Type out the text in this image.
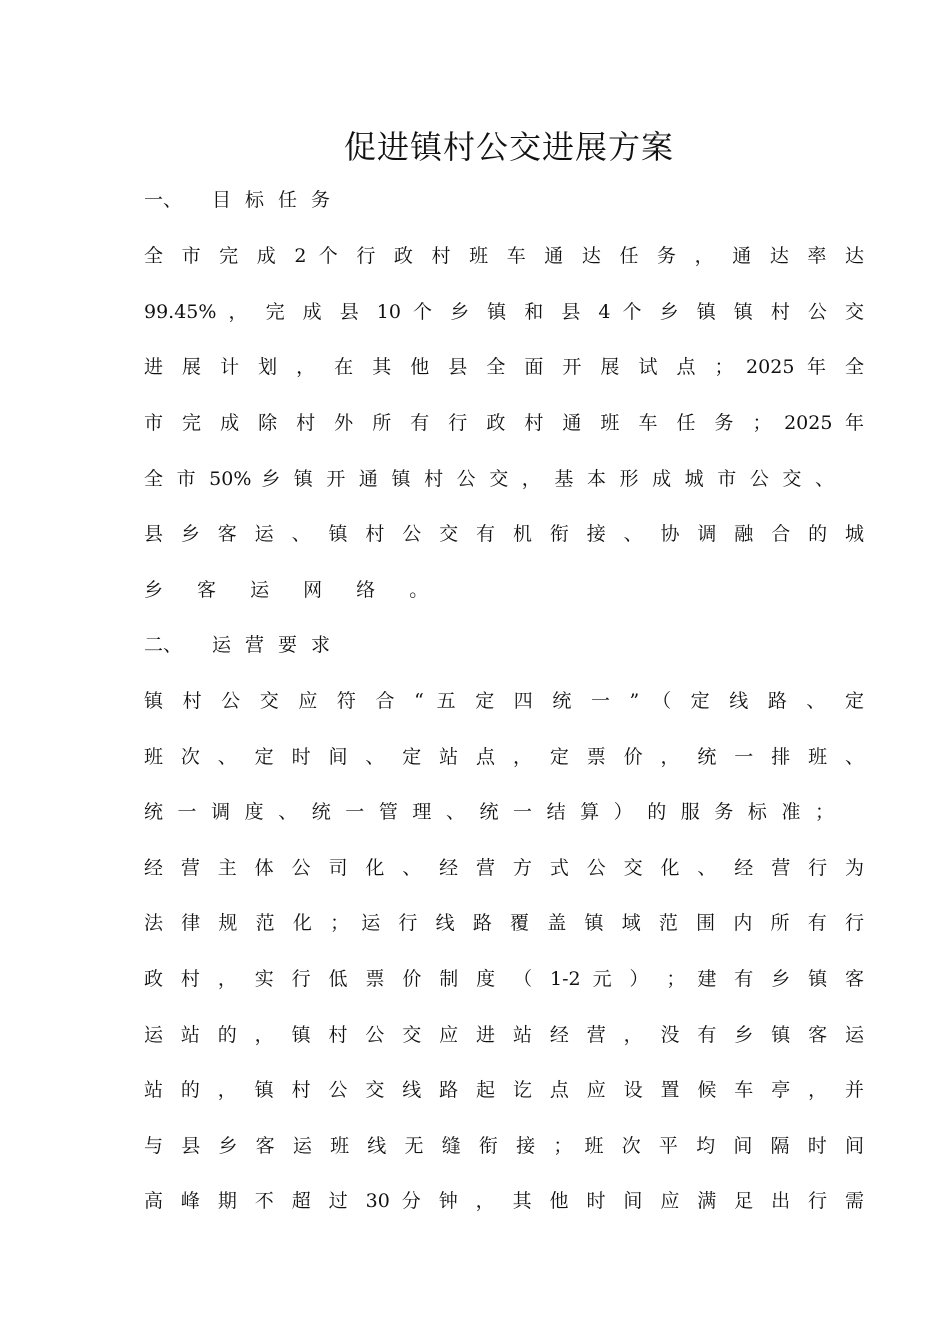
促进镇村公交进展方案
一、 目标任务

全 市 完 成 2 个 行 政 村 班 车 通 达 任 务 ， 通 达 率 达

99.45% ， 完 成 县 10 个 乡 镇 和 县 4 个 乡 镇 镇 村 公 交

进 展 计 划 ， 在 其 他 县 全 面 开 展 试 点 ； 2025 年 全

市 完 成 除 村 外 所 有 行 政 村 通 班 车 任 务 ； 2025 年

全 市 50% 乡 镇 开 通 镇 村 公 交 ， 基 本 形 成 城 市 公 交 、

县 乡 客 运 、 镇 村 公 交 有 机 衔 接 、 协 调 融 合 的 城

乡 客 运 网 络 。

二、 运营要求

镇 村 公 交 应 符 合 “ 五 定 四 统 一 ” （ 定 线 路 、 定

班 次 、 定 时 间 、 定 站 点 ， 定 票 价 ， 统 一 排 班 、

统 一 调 度 、 统 一 管 理 、 统 一 结 算 ） 的 服 务 标 准 ；

经 营 主 体 公 司 化 、 经 营 方 式 公 交 化 、 经 营 行 为

法 律 规 范 化 ； 运 行 线 路 覆 盖 镇 域 范 围 内 所 有 行

政 村 ， 实 行 低 票 价 制 度 （ 1-2 元 ） ； 建 有 乡 镇 客

运 站 的 ， 镇 村 公 交 应 进 站 经 营 ， 没 有 乡 镇 客 运

站 的 ， 镇 村 公 交 线 路 起 讫 点 应 设 置 候 车 亭 ， 并

与 县 乡 客 运 班 线 无 缝 衔 接 ； 班 次 平 均 间 隔 时 间

高 峰 期 不 超 过 30 分 钟 ， 其 他 时 间 应 满 足 出 行 需
